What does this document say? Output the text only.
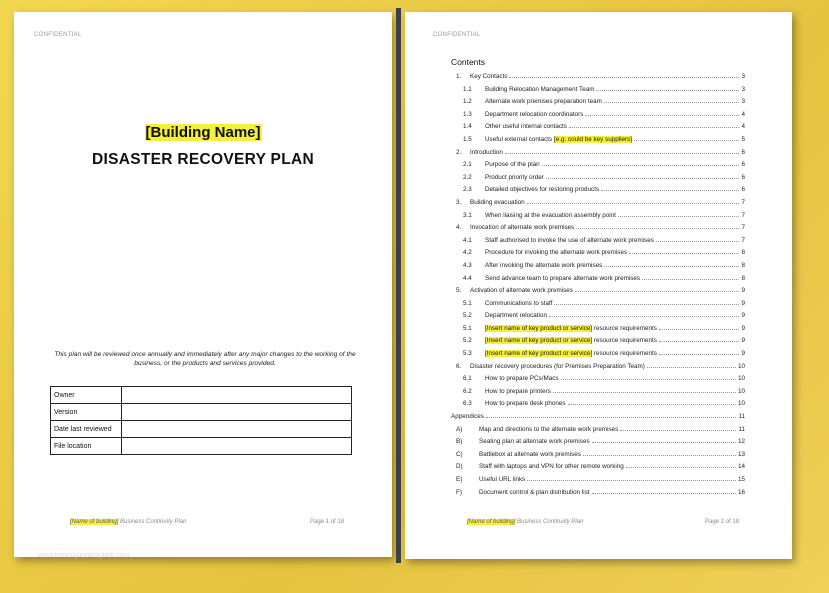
CONFIDENTIAL
[Building Name]
DISASTER RECOVERY PLAN
This plan will be reviewed once annually and immediately after any major changes to the working of the business, or the products and services provided.
Owner	
Version	
Date last reviewed	
File location	
[Name of building] Business Continuity Plan	Page 1 of 18
www.freeinspiretemplate.com
CONFIDENTIAL
Contents
1.	Key Contacts	3
1.1	Building Relocation Management Team	3
1.2	Alternate work premises preparation team	3
1.3	Department relocation coordinators	4
1.4	Other useful internal contacts	4
1.5	Useful external contacts [e.g. could be key suppliers]	5
2.	Introduction	6
2.1	Purpose of the plan	6
2.2	Product priority order	6
2.3	Detailed objectives for restoring products	6
3.	Building evacuation	7
3.1	When liaising at the evacuation assembly point	7
4.	Invocation of alternate work premises	7
4.1	Staff authorised to invoke the use of alternate work premises	7
4.2	Procedure for invoking the alternate work premises	8
4.3	After invoking the alternate work premises	8
4.4	Send advance team to prepare alternate work premises	8
5.	Activation of alternate work premises	9
5.1	Communications to staff	9
5.2	Department relocation	9
5.1	[Insert name of key product or service] resource requirements	9
5.2	[Insert name of key product or service] resource requirements	9
5.3	[Insert name of key product or service] resource requirements	9
6.	Disaster recovery procedures (for Premises Preparation Team)	10
6.1	How to prepare PCs/Macs	10
6.2	How to prepare printers	10
6.3	How to prepare desk phones	10
Appendices	11
A)	Map and directions to the alternate work premises	11
B)	Seating plan at alternate work premises	12
C)	Battlebox at alternate work premises	13
D)	Staff with laptops and VPN for other remote working	14
E)	Useful URL links	15
F)	Document control & plan distribution list	16
[Name of building] Business Continuity Plan	Page 2 of 18
